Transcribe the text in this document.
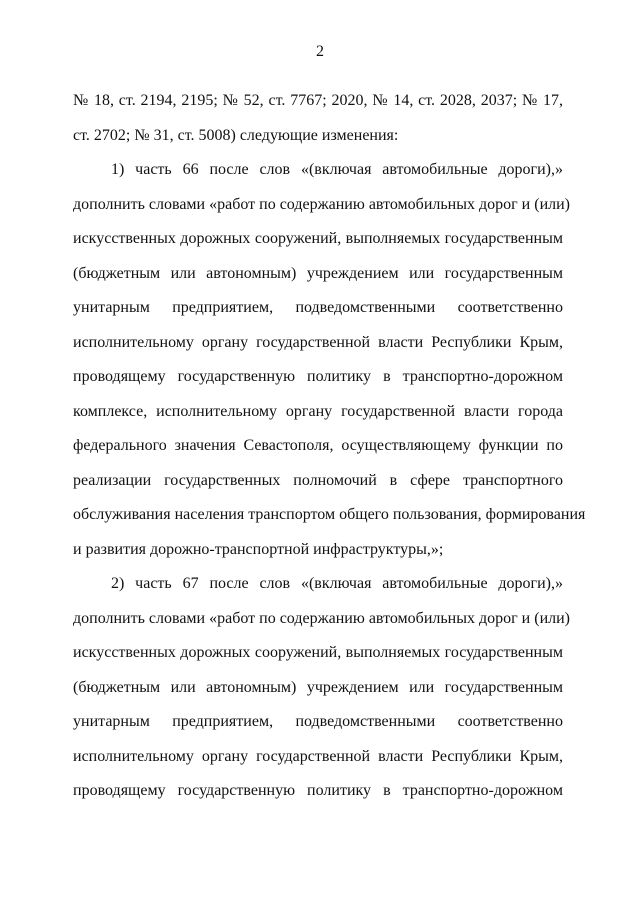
2
№ 18, ст. 2194, 2195; № 52, ст. 7767; 2020, № 14, ст. 2028, 2037; № 17,
ст. 2702; № 31, ст. 5008) следующие изменения:
1) часть 66 после слов «(включая автомобильные дороги),»
дополнить словами «работ по содержанию автомобильных дорог и (или)
искусственных дорожных сооружений, выполняемых государственным
(бюджетным или автономным) учреждением или государственным
унитарным предприятием, подведомственными соответственно
исполнительному органу государственной власти Республики Крым,
проводящему государственную политику в транспортно-дорожном
комплексе, исполнительному органу государственной власти города
федерального значения Севастополя, осуществляющему функции по
реализации государственных полномочий в сфере транспортного
обслуживания населения транспортом общего пользования, формирования
и развития дорожно-транспортной инфраструктуры,»;
2) часть 67 после слов «(включая автомобильные дороги),»
дополнить словами «работ по содержанию автомобильных дорог и (или)
искусственных дорожных сооружений, выполняемых государственным
(бюджетным или автономным) учреждением или государственным
унитарным предприятием, подведомственными соответственно
исполнительному органу государственной власти Республики Крым,
проводящему государственную политику в транспортно-дорожном
